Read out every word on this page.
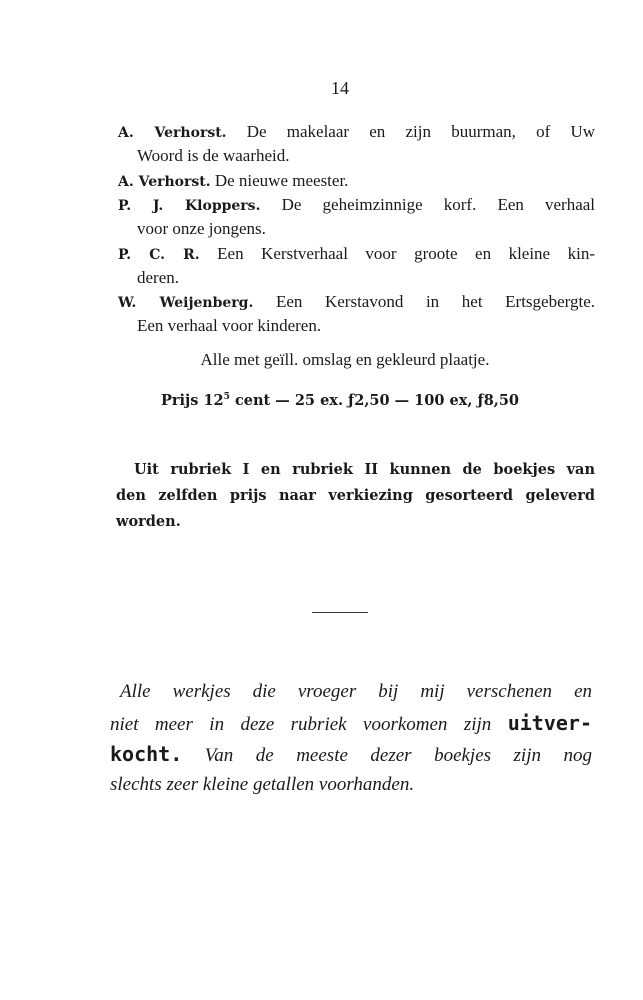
14
A. Verhorst. De makelaar en zijn buurman, of Uw
Woord is de waarheid.
A. Verhorst. De nieuwe meester.
P. J. Kloppers. De geheimzinnige korf. Een verhaal
voor onze jongens.
P. C. R. Een Kerstverhaal voor groote en kleine kin-
deren.
W. Weijenberg. Een Kerstavond in het Ertsgebergte.
Een verhaal voor kinderen.
Alle met geïll. omslag en gekleurd plaatje.
Prijs $12^5$ cent — 25 ex. ƒ2,50 — 100 ex, ƒ8,50
Uit rubriek I en rubriek II kunnen de boekjes van
den zelfden prijs naar verkiezing gesorteerd geleverd
worden.
Alle werkjes die vroeger bij mij verschenen en
niet meer in deze rubriek voorkomen zijn uitver-
kocht. Van de meeste dezer boekjes zijn nog
slechts zeer kleine getallen voorhanden.
